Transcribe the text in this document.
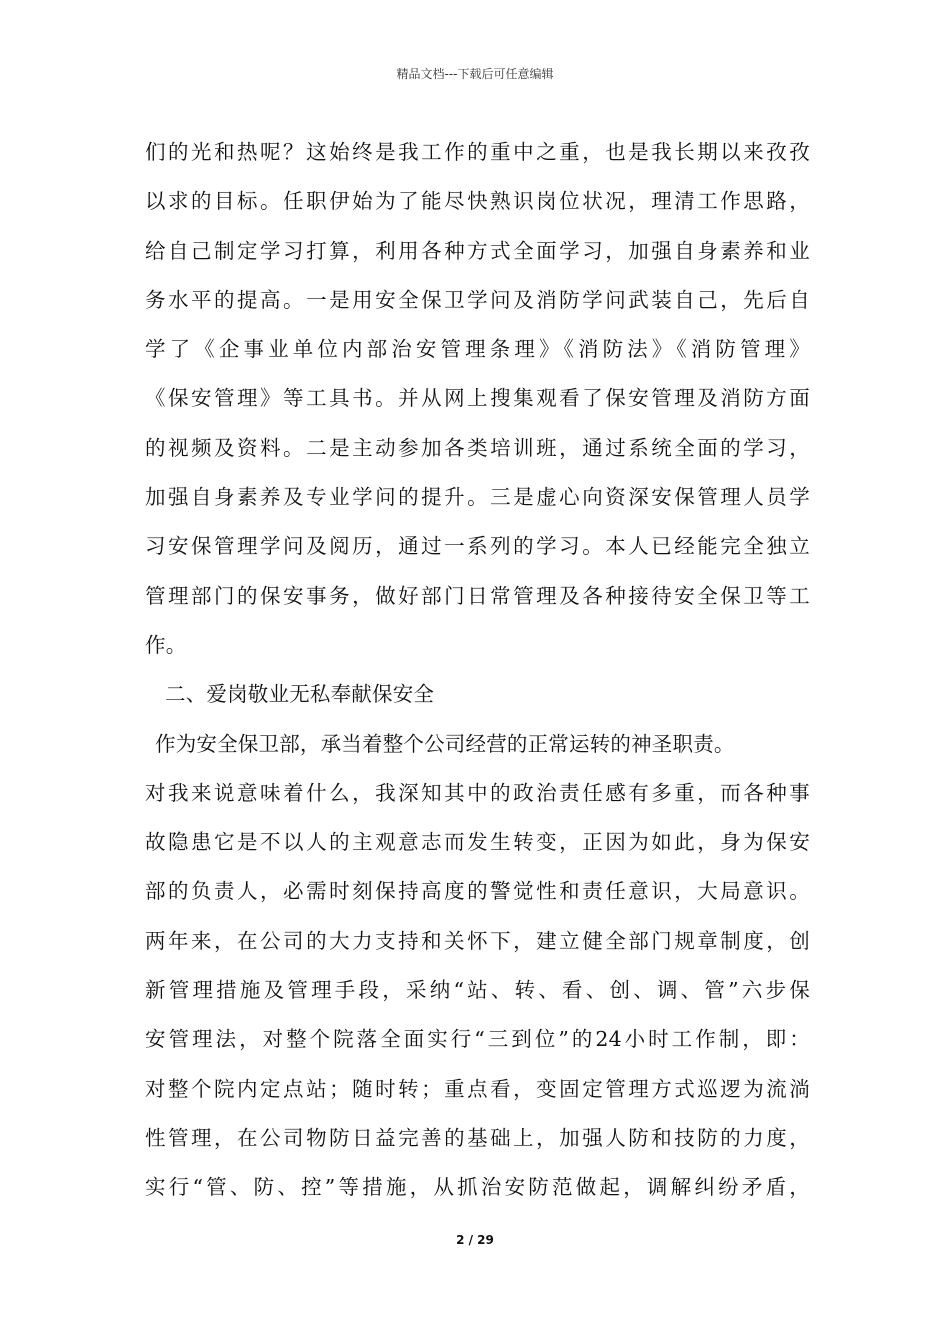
精品文档---下载后可任意编辑
们的光和热呢？这始终是我工作的重中之重，也是我长期以来孜孜
以求的目标。任职伊始为了能尽快熟识岗位状况，理清工作思路，
给自己制定学习打算，利用各种方式全面学习，加强自身素养和业
务水平的提高。一是用安全保卫学问及消防学问武装自己，先后自
学了《企事业单位内部治安管理条理》《消防法》《消防管理》
《保安管理》等工具书。并从网上搜集观看了保安管理及消防方面
的视频及资料。二是主动参加各类培训班，通过系统全面的学习，
加强自身素养及专业学问的提升。三是虚心向资深安保管理人员学
习安保管理学问及阅历，通过一系列的学习。本人已经能完全独立
管理部门的保安事务，做好部门日常管理及各种接待安全保卫等工
作。
二、爱岗敬业无私奉献保安全
作为安全保卫部，承当着整个公司经营的正常运转的神圣职责。
对我来说意味着什么，我深知其中的政治责任感有多重，而各种事
故隐患它是不以人的主观意志而发生转变，正因为如此，身为保安
部的负责人，必需时刻保持高度的警觉性和责任意识，大局意识。
两年来，在公司的大力支持和关怀下，建立健全部门规章制度，创
新管理措施及管理手段，采纳“站、转、看、创、调、管”六步保
安管理法，对整个院落全面实行“三到位”的24小时工作制，即：
对整个院内定点站；随时转；重点看，变固定管理方式巡逻为流淌
性管理，在公司物防日益完善的基础上，加强人防和技防的力度，
实行“管、防、控”等措施，从抓治安防范做起，调解纠纷矛盾，
2 / 29
